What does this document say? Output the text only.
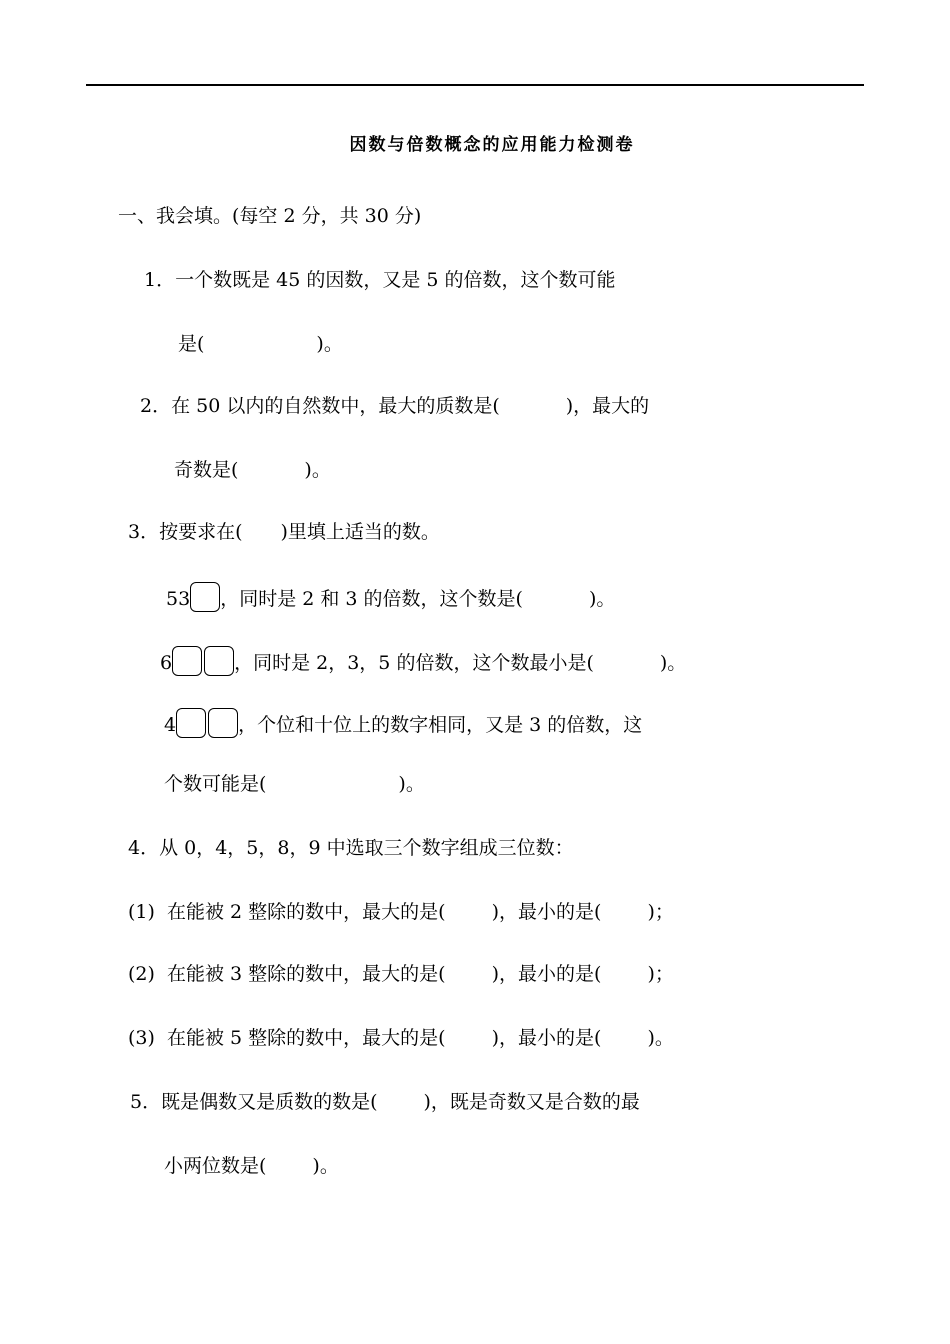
因数与倍数概念的应用能力检测卷
一、我会填。(每空 2 分，共 30 分)
1．一个数既是 45 的因数，又是 5 的倍数，这个数可能
是(	)。
2．在 50 以内的自然数中，最大的质数是(	)，最大的
奇数是(	)。
3．按要求在( )里填上适当的数。
53 ，同时是 2 和 3 的倍数，这个数是(	)。
6	，同时是 2，3，5 的倍数，这个数最小是(	)。
4	，个位和十位上的数字相同，又是 3 的倍数，这
个数可能是(	)。
4．从 0，4，5，8，9 中选取三个数字组成三位数：
(1) 在能被 2 整除的数中，最大的是( )，最小的是( )；
(2) 在能被 3 整除的数中，最大的是( )，最小的是( )；
(3) 在能被 5 整除的数中，最大的是( )，最小的是( )。
5．既是偶数又是质数的数是( )，既是奇数又是合数的最
小两位数是( )。
